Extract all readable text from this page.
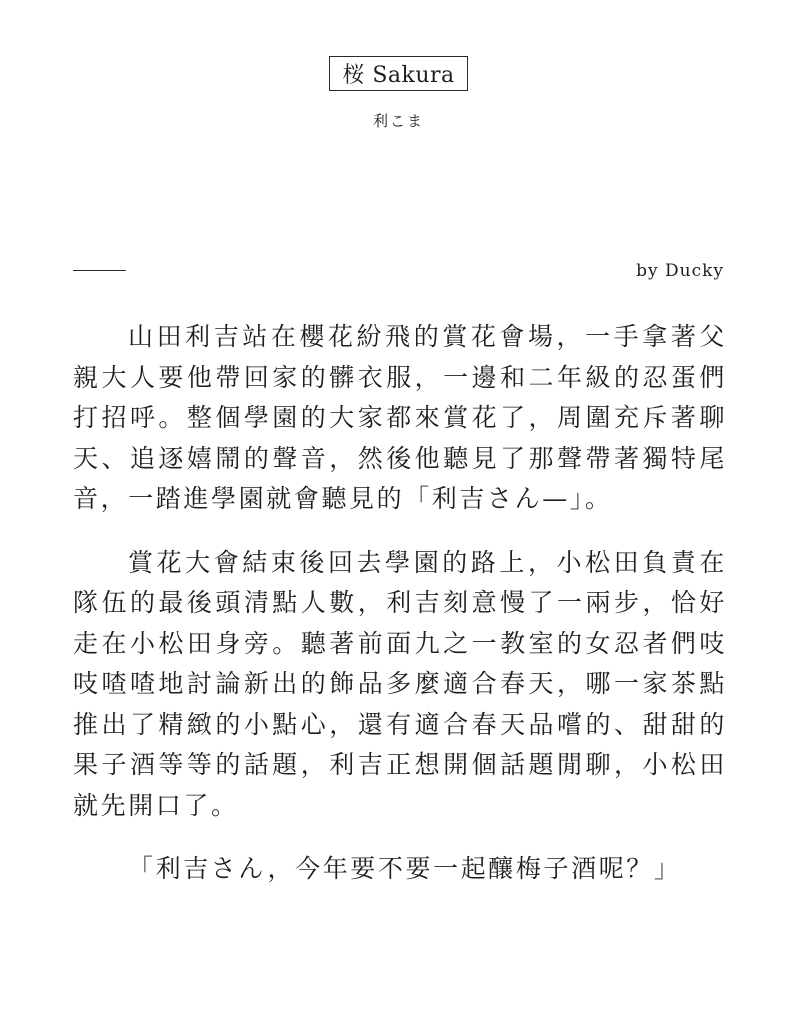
桜 Sakura
利こま
by Ducky

山田利吉站在櫻花紛飛的賞花會場，一手拿著父親大人要他帶回家的髒衣服，一邊和二年級的忍蛋們打招呼。整個學園的大家都來賞花了，周圍充斥著聊天、追逐嬉鬧的聲音，然後他聽見了那聲帶著獨特尾音，一踏進學園就會聽見的「利吉さん—」。

賞花大會結束後回去學園的路上，小松田負責在隊伍的最後頭清點人數，利吉刻意慢了一兩步，恰好走在小松田身旁。聽著前面九之一教室的女忍者們吱吱喳喳地討論新出的飾品多麼適合春天，哪一家茶點推出了精緻的小點心，還有適合春天品嚐的、甜甜的果子酒等等的話題，利吉正想開個話題閒聊，小松田就先開口了。

「利吉さん，今年要不要一起釀梅子酒呢？」
